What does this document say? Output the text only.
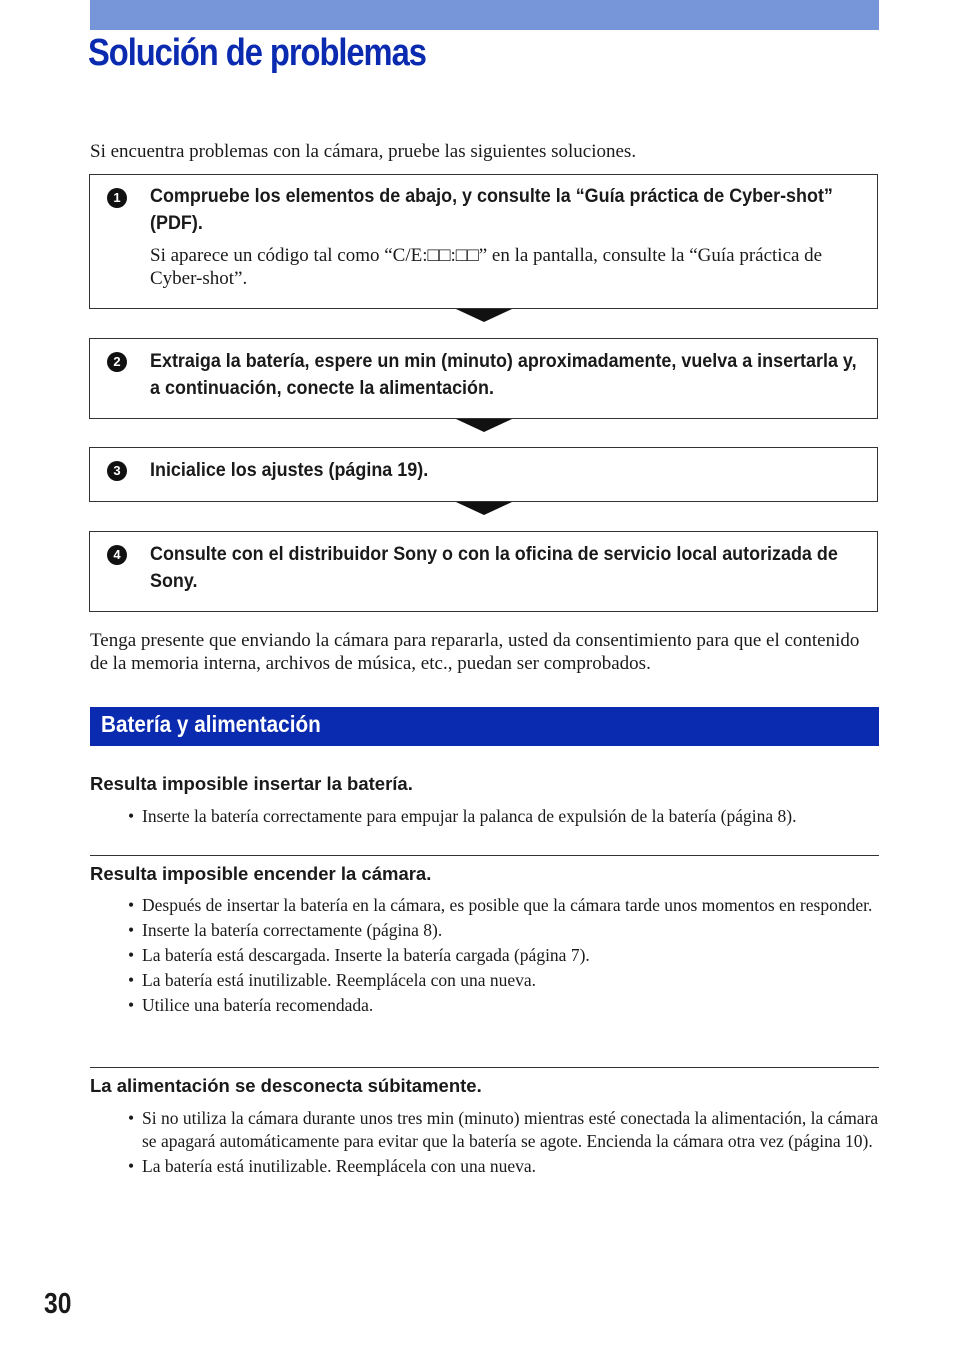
Solución de problemas

Si encuentra problemas con la cámara, pruebe las siguientes soluciones.

1	Compruebe los elementos de abajo, y consulte la “Guía práctica de Cyber-shot” (PDF).

Si aparece un código tal como “C/E:□□:□□” en la pantalla, consulte la “Guía práctica de Cyber-shot”.

2	Extraiga la batería, espere un min (minuto) aproximadamente, vuelva a insertarla y, a continuación, conecte la alimentación.
3	Inicialice los ajustes (página 19).
4	Consulte con el distribuidor Sony o con la oficina de servicio local autorizada de Sony.

Tenga presente que enviando la cámara para repararla, usted da consentimiento para que el contenido de la memoria interna, archivos de música, etc., puedan ser comprobados.

Batería y alimentación

Resulta imposible insertar la batería.

• Inserte la batería correctamente para empujar la palanca de expulsión de la batería (página 8).

Resulta imposible encender la cámara.

• Después de insertar la batería en la cámara, es posible que la cámara tarde unos momentos en responder.
• Inserte la batería correctamente (página 8).
• La batería está descargada. Inserte la batería cargada (página 7).
• La batería está inutilizable. Reemplácela con una nueva.
• Utilice una batería recomendada.

La alimentación se desconecta súbitamente.

• Si no utiliza la cámara durante unos tres min (minuto) mientras esté conectada la alimentación, la cámara se apagará automáticamente para evitar que la batería se agote. Encienda la cámara otra vez (página 10).
• La batería está inutilizable. Reemplácela con una nueva.
30
